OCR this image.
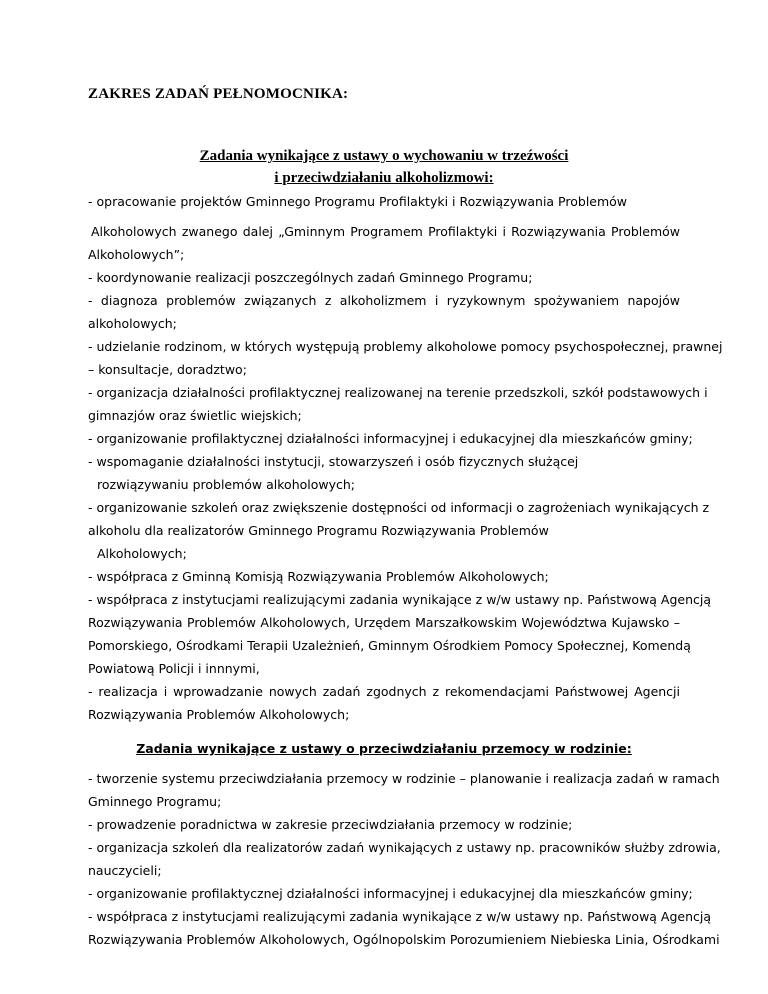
ZAKRES ZADAŃ PEŁNOMOCNIKA:
Zadania wynikające z ustawy o wychowaniu w trzeźwości
i przeciwdziałaniu alkoholizmowi:
- opracowanie projektów Gminnego Programu Profilaktyki i Rozwiązywania Problemów
Alkoholowych zwanego dalej „Gminnym Programem Profilaktyki i Rozwiązywania Problemów
Alkoholowych”;
- koordynowanie realizacji poszczególnych zadań Gminnego Programu;
- diagnoza problemów związanych z alkoholizmem i ryzykownym spożywaniem napojów
alkoholowych;
- udzielanie rodzinom, w których występują problemy alkoholowe pomocy psychospołecznej, prawnej
– konsultacje, doradztwo;
- organizacja działalności profilaktycznej realizowanej na terenie przedszkoli, szkół podstawowych i
gimnazjów oraz świetlic wiejskich;
- organizowanie profilaktycznej działalności informacyjnej i edukacyjnej dla mieszkańców gminy;
- wspomaganie działalności instytucji, stowarzyszeń i osób fizycznych służącej
rozwiązywaniu problemów alkoholowych;
- organizowanie szkoleń oraz zwiększenie dostępności od informacji o zagrożeniach wynikających z
alkoholu dla realizatorów Gminnego Programu Rozwiązywania Problemów
Alkoholowych;
- współpraca z Gminną Komisją Rozwiązywania Problemów Alkoholowych;
- współpraca z instytucjami realizującymi zadania wynikające z w/w ustawy np. Państwową Agencją
Rozwiązywania Problemów Alkoholowych, Urzędem Marszałkowskim Województwa Kujawsko –
Pomorskiego, Ośrodkami Terapii Uzależnień, Gminnym Ośrodkiem Pomocy Społecznej, Komendą
Powiatową Policji i innnymi,
- realizacja i wprowadzanie nowych zadań zgodnych z rekomendacjami Państwowej Agencji
Rozwiązywania Problemów Alkoholowych;
Zadania wynikające z ustawy o przeciwdziałaniu przemocy w rodzinie:
- tworzenie systemu przeciwdziałania przemocy w rodzinie – planowanie i realizacja zadań w ramach
Gminnego Programu;
- prowadzenie poradnictwa w zakresie przeciwdziałania przemocy w rodzinie;
- organizacja szkoleń dla realizatorów zadań wynikających z ustawy np. pracowników służby zdrowia,
nauczycieli;
- organizowanie profilaktycznej działalności informacyjnej i edukacyjnej dla mieszkańców gminy;
- współpraca z instytucjami realizującymi zadania wynikające z w/w ustawy np. Państwową Agencją
Rozwiązywania Problemów Alkoholowych, Ogólnopolskim Porozumieniem Niebieska Linia, Ośrodkami
